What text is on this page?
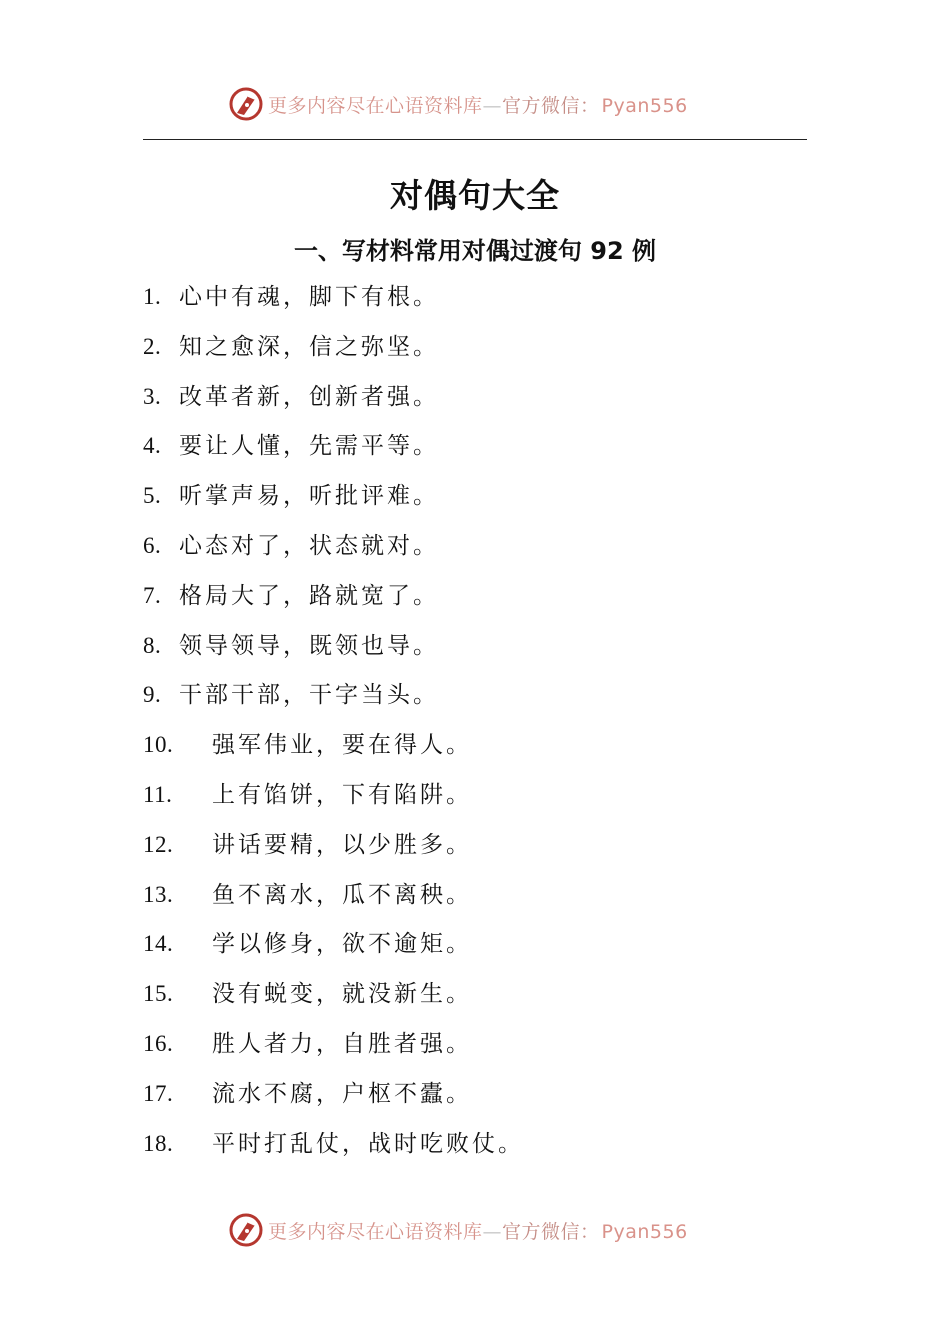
更多内容尽在心语资料库—官方微信： Pyan556
对偶句大全
一、写材料常用对偶过渡句 92 例
1. 心中有魂，脚下有根。
2. 知之愈深，信之弥坚。
3. 改革者新，创新者强。
4. 要让人懂，先需平等。
5. 听掌声易，听批评难。
6. 心态对了，状态就对。
7. 格局大了，路就宽了。
8. 领导领导，既领也导。
9. 干部干部，干字当头。
10.	强军伟业，要在得人。
11.	上有馅饼，下有陷阱。
12.	讲话要精，以少胜多。
13.	鱼不离水，瓜不离秧。
14.	学以修身，欲不逾矩。
15.	没有蜕变，就没新生。
16.	胜人者力，自胜者强。
17.	流水不腐，户枢不蠹。
18.	平时打乱仗，战时吃败仗。
更多内容尽在心语资料库—官方微信： Pyan556
